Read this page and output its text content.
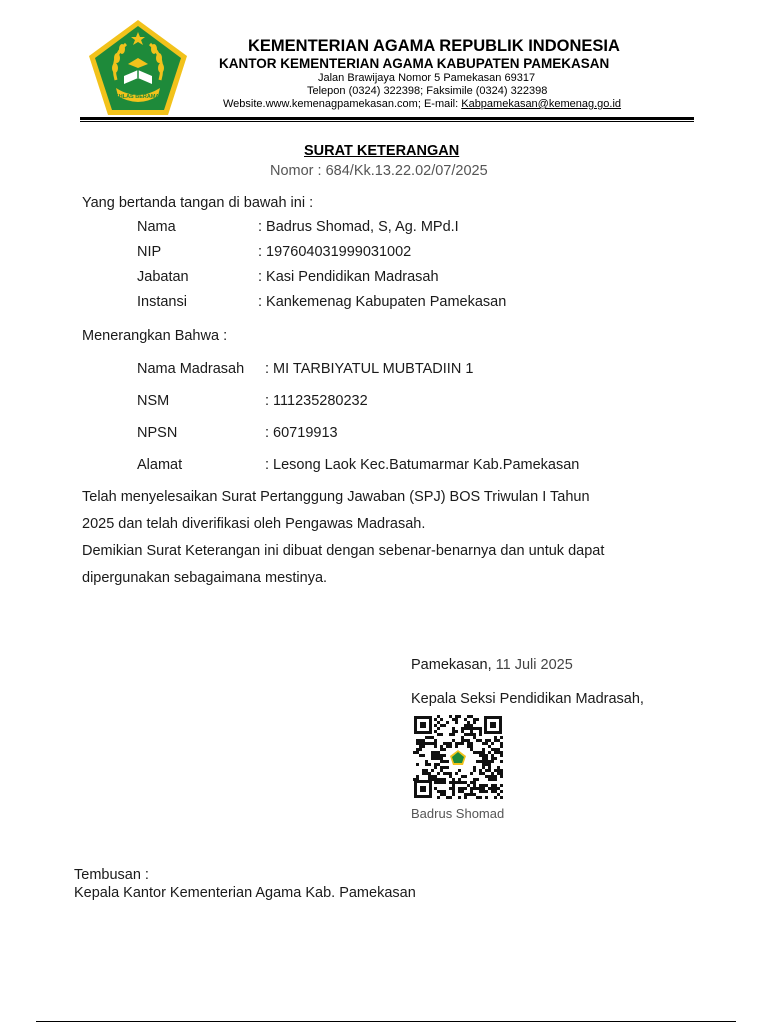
IKHLAS BERAMAL
KEMENTERIAN AGAMA REPUBLIK INDONESIA
KANTOR KEMENTERIAN AGAMA KABUPATEN PAMEKASAN
Jalan Brawijaya Nomor 5 Pamekasan 69317
Telepon (0324) 322398; Faksimile (0324) 322398
Website.www.kemenagpamekasan.com; E-mail: Kabpamekasan@kemenag.go.id
SURAT KETERANGAN
Nomor : 684/Kk.13.22.02/07/2025
Yang bertanda tangan di bawah ini :
Nama	: Badrus Shomad, S, Ag. MPd.I
NIP	: 197604031999031002
Jabatan	: Kasi Pendidikan Madrasah
Instansi	: Kankemenag Kabupaten Pamekasan
Menerangkan Bahwa :
Nama Madrasah : MI TARBIYATUL MUBTADIIN 1
NSM	: 111235280232
NPSN	: 60719913
Alamat	: Lesong Laok Kec.Batumarmar Kab.Pamekasan
Telah menyelesaikan Surat Pertanggung Jawaban (SPJ) BOS Triwulan I Tahun
2025 dan telah diverifikasi oleh Pengawas Madrasah.
Demikian Surat Keterangan ini dibuat dengan sebenar-benarnya dan untuk dapat
dipergunakan sebagaimana mestinya.
Pamekasan, 11 Juli 2025
Kepala Seksi Pendidikan Madrasah,
Badrus Shomad
Tembusan :
Kepala Kantor Kementerian Agama Kab. Pamekasan
